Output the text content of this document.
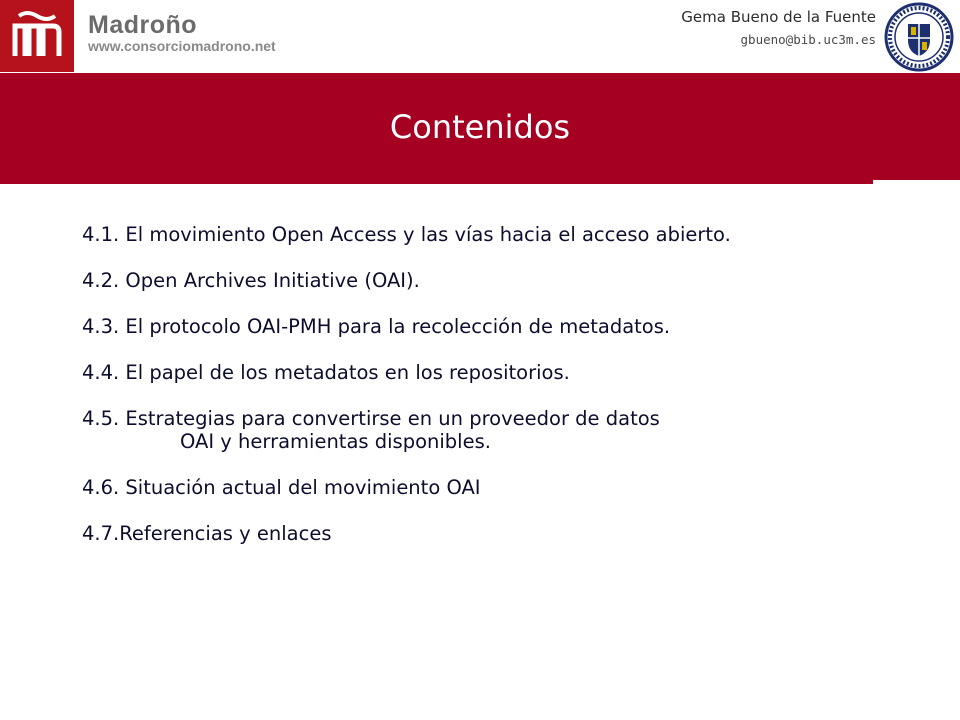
Madroño
www.consorciomadrono.net
Gema Bueno de la Fuente
gbueno@bib.uc3m.es
Contenidos
4.1. El movimiento Open Access y las vías hacia el acceso abierto.
4.2. Open Archives Initiative (OAI).
4.3. El protocolo OAI-PMH para la recolección de metadatos.
4.4. El papel de los metadatos en los repositorios.
4.5. Estrategias para convertirse en un proveedor de datos
OAI y herramientas disponibles.
4.6. Situación actual del movimiento OAI
4.7.Referencias y enlaces
